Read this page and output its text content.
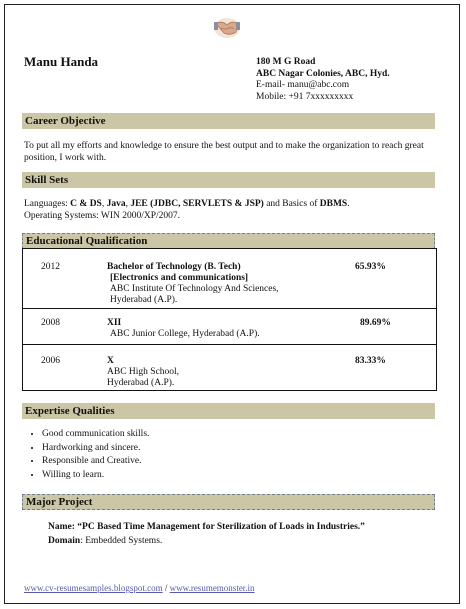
Manu Handa	180 M G Road
ABC Nagar Colonies, ABC, Hyd.
E-mail- manu@abc.com
Mobile: +91 7xxxxxxxxx
Career Objective
To put all my efforts and knowledge to ensure the best output and to make the organization to reach great position, I work with.
Skill Sets
Languages: C & DS, Java, JEE (JDBC, SERVLETS & JSP) and Basics of DBMS.
Operating Systems: WIN 2000/XP/2007.
Educational Qualification
2012	Bachelor of Technology (B. Tech)
[Electronics and communications]
ABC Institute Of Technology And Sciences,
Hyderabad (A.P).
65.93%
2008	XII
ABC Junior College, Hyderabad (A.P).
89.69%
2006	X
ABC High School,
Hyderabad (A.P).
83.33%
Expertise Qualities
• Good communication skills.
• Hardworking and sincere.
• Responsible and Creative.
• Willing to learn.
Major Project
Name: “PC Based Time Management for Sterilization of Loads in Industries.”
Domain: Embedded Systems.
www.cv-resumesamples.blogspot.com / www.resumemonster.in
